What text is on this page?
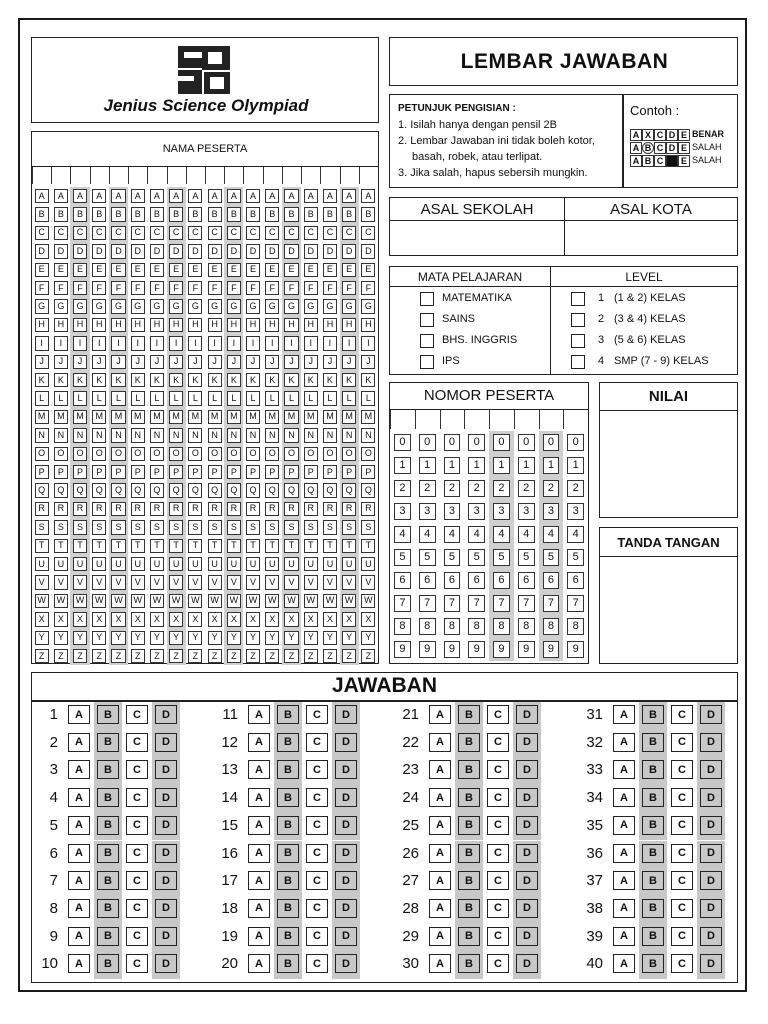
Jenius Science Olympiad
LEMBAR JAWABAN
PETUNJUK PENGISIAN :
1. Isilah hanya dengan pensil 2B
2. Lembar Jawaban ini tidak boleh kotor,
basah, robek, atau terlipat.
3. Jika salah, hapus sebersih mungkin.
Contoh :
A X C D E BENAR
A B C D E SALAH
A B C	E SALAH
NAMA PESERTA
A	A	A	A	A	A	A	A	A	A	A	A	A	A	A	A	A	A
B	B	B	B	B	B	B	B	B	B	B	B	B	B	B	B	B	B
C	C	C	C	C	C	C	C	C	C	C	C	C	C	C	C	C	C
D	D	D	D	D	D	D	D	D	D	D	D	D	D	D	D	D	D
E	E	E	E	E	E	E	E	E	E	E	E	E	E	E	E	E	E
F	F	F	F	F	F	F	F	F	F	F	F	F	F	F	F	F	F
G	G	G	G	G	G	G	G	G	G	G	G	G	G	G	G	G	G
H	H	H	H	H	H	H	H	H	H	H	H	H	H	H	H	H	H
I	I	I	I	I	I	I	I	I	I	I	I	I	I	I	I	I	I
J	J	J	J	J	J	J	J	J	J	J	J	J	J	J	J	J	J
K	K	K	K	K	K	K	K	K	K	K	K	K	K	K	K	K	K
L	L	L	L	L	L	L	L	L	L	L	L	L	L	L	L	L	L
M	M	M	M	M	M	M	M	M	M	M	M	M	M	M	M	M	M
N	N	N	N	N	N	N	N	N	N	N	N	N	N	N	N	N	N
O	O	O	O	O	O	O	O	O	O	O	O	O	O	O	O	O	O
P	P	P	P	P	P	P	P	P	P	P	P	P	P	P	P	P	P
Q	Q	Q	Q	Q	Q	Q	Q	Q	Q	Q	Q	Q	Q	Q	Q	Q	Q
R	R	R	R	R	R	R	R	R	R	R	R	R	R	R	R	R	R
S	S	S	S	S	S	S	S	S	S	S	S	S	S	S	S	S	S
T	T	T	T	T	T	T	T	T	T	T	T	T	T	T	T	T	T
U	U	U	U	U	U	U	U	U	U	U	U	U	U	U	U	U	U
V	V	V	V	V	V	V	V	V	V	V	V	V	V	V	V	V	V
W	W	W	W	W	W	W	W	W	W	W	W	W	W	W	W	W	W
X	X	X	X	X	X	X	X	X	X	X	X	X	X	X	X	X	X
Y	Y	Y	Y	Y	Y	Y	Y	Y	Y	Y	Y	Y	Y	Y	Y	Y	Y
Z	Z	Z	Z	Z	Z	Z	Z	Z	Z	Z	Z	Z	Z	Z	Z	Z	Z
ASAL SEKOLAH	ASAL KOTA
MATA PELAJARAN	LEVEL
MATEMATIKA
SAINS
BHS. INGGRIS
IPS
1 (1 & 2) KELAS
2 (3 & 4) KELAS
3 (5 & 6) KELAS
4 SMP (7 - 9) KELAS
NOMOR PESERTA
0	0	0	0	0	0	0	0
1	1	1	1	1	1	1	1
2	2	2	2	2	2	2	2
3	3	3	3	3	3	3	3
4	4	4	4	4	4	4	4
5	5	5	5	5	5	5	5
6	6	6	6	6	6	6	6
7	7	7	7	7	7	7	7
8	8	8	8	8	8	8	8
9	9	9	9	9	9	9	9
NILAI
TANDA TANGAN
JAWABAN
1	A	B	C	D
2	A	B	C	D
3	A	B	C	D
4	A	B	C	D
5	A	B	C	D
6	A	B	C	D
7	A	B	C	D
8	A	B	C	D
9	A	B	C	D
10	A	B	C	D
11	A	B	C	D
12	A	B	C	D
13	A	B	C	D
14	A	B	C	D
15	A	B	C	D
16	A	B	C	D
17	A	B	C	D
18	A	B	C	D
19	A	B	C	D
20	A	B	C	D
21	A	B	C	D
22	A	B	C	D
23	A	B	C	D
24	A	B	C	D
25	A	B	C	D
26	A	B	C	D
27	A	B	C	D
28	A	B	C	D
29	A	B	C	D
30	A	B	C	D
31	A	B	C	D
32	A	B	C	D
33	A	B	C	D
34	A	B	C	D
35	A	B	C	D
36	A	B	C	D
37	A	B	C	D
38	A	B	C	D
39	A	B	C	D
40	A	B	C	D
